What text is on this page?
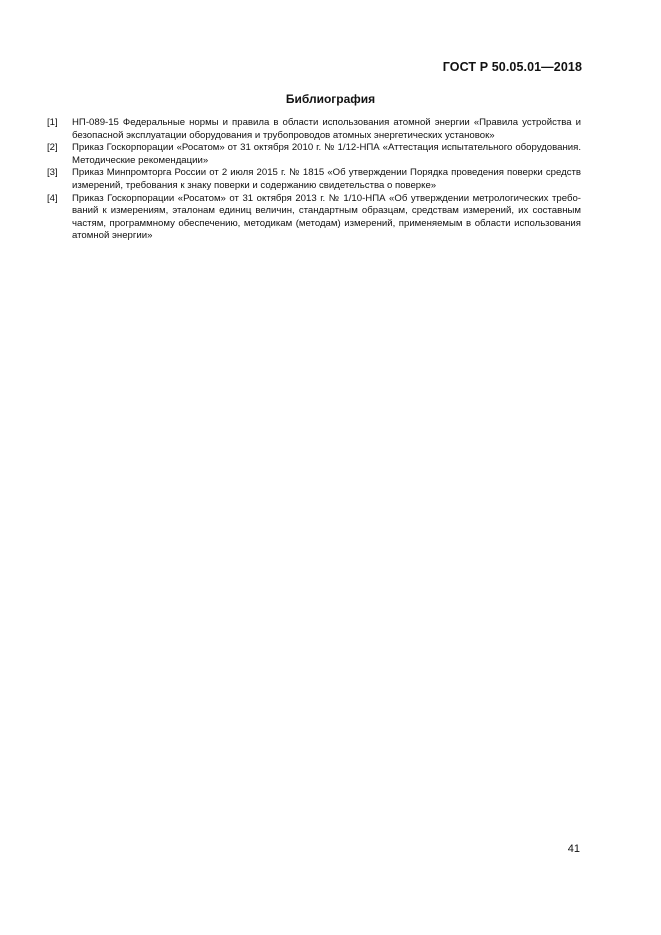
ГОСТ Р 50.05.01—2018
Библиография
[1]	НП-089-15 Федеральные нормы и правила в области использования атомной энергии «Правила устройства и безопасной эксплуатации оборудования и трубопроводов атомных энергетических установок»
[2]	Приказ Госкорпорации «Росатом» от 31 октября 2010 г. № 1/12-НПА «Аттестация испытательного оборудования. Методические рекомендации»
[3]	Приказ Минпромторга России от 2 июля 2015 г. № 1815 «Об утверждении Порядка проведения поверки средств измерений, требования к знаку поверки и содержанию свидетельства о поверке»
[4]	Приказ Госкорпорации «Росатом» от 31 октября 2013 г. № 1/10-НПА «Об утверждении метрологических требований к измерениям, эталонам единиц величин, стандартным образцам, средствам измерений, их составным частям, программному обеспечению, методикам (методам) измерений, применяемым в области использования атомной энергии»
41
